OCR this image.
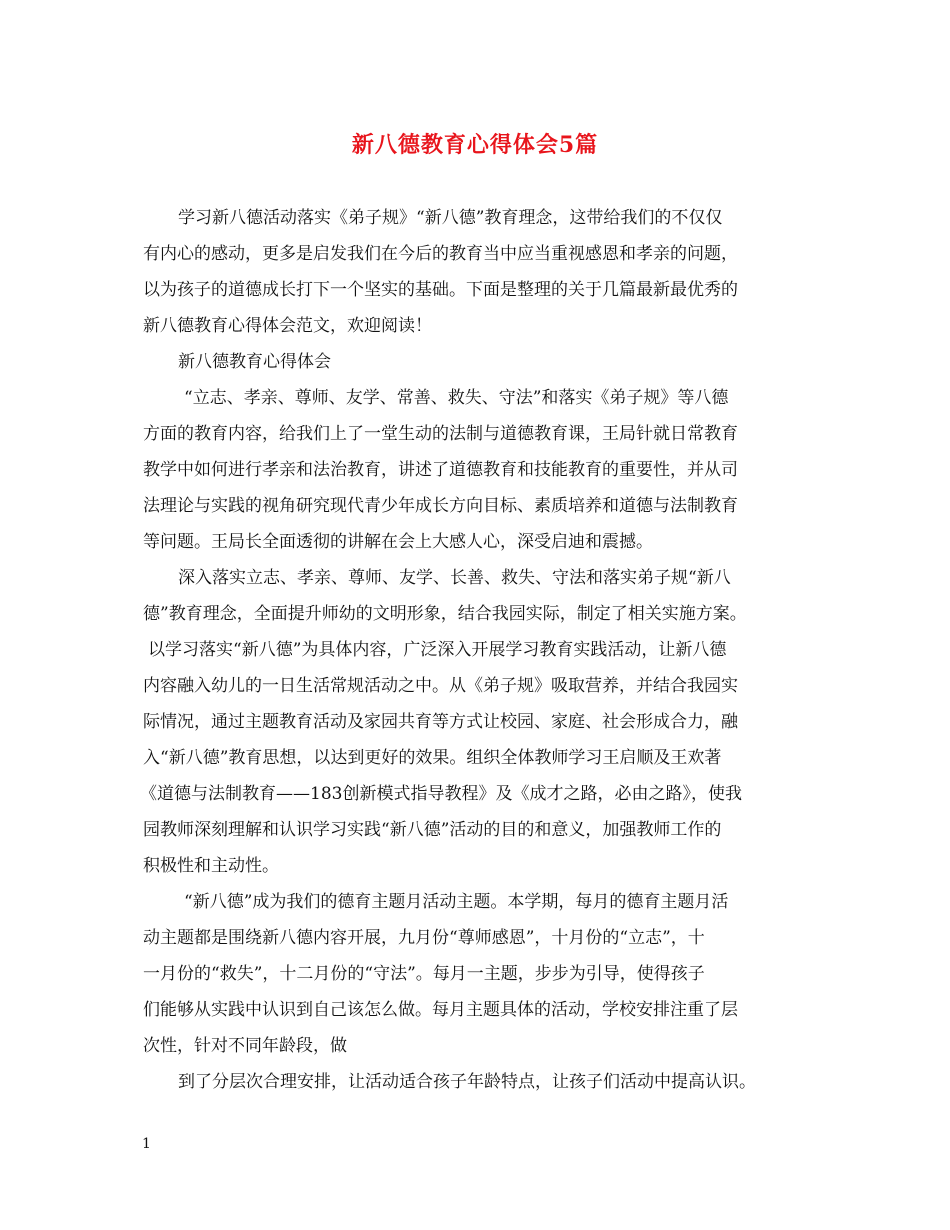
新八德教育心得体会5篇

学习新八德活动落实《弟子规》“新八德”教育理念，这带给我们的不仅仅

有内心的感动，更多是启发我们在今后的教育当中应当重视感恩和孝亲的问题，

以为孩子的道德成长打下一个坚实的基础。下面是整理的关于几篇最新最优秀的

新八德教育心得体会范文，欢迎阅读！

新八德教育心得体会

“立志、孝亲、尊师、友学、常善、救失、守法”和落实《弟子规》等八德

方面的教育内容，给我们上了一堂生动的法制与道德教育课，王局针就日常教育

教学中如何进行孝亲和法治教育，讲述了道德教育和技能教育的重要性，并从司

法理论与实践的视角研究现代青少年成长方向目标、素质培养和道德与法制教育

等问题。王局长全面透彻的讲解在会上大感人心，深受启迪和震撼。

深入落实立志、孝亲、尊师、友学、长善、救失、守法和落实弟子规“新八

德”教育理念，全面提升师幼的文明形象，结合我园实际，制定了相关实施方案。

以学习落实“新八德”为具体内容，广泛深入开展学习教育实践活动，让新八德

内容融入幼儿的一日生活常规活动之中。从《弟子规》吸取营养，并结合我园实

际情况，通过主题教育活动及家园共育等方式让校园、家庭、社会形成合力，融

入“新八德”教育思想，以达到更好的效果。组织全体教师学习王启顺及王欢著

《道德与法制教育——183创新模式指导教程》及《成才之路，必由之路》，使我

园教师深刻理解和认识学习实践“新八德”活动的目的和意义，加强教师工作的

积极性和主动性。

“新八德”成为我们的德育主题月活动主题。本学期，每月的德育主题月活

动主题都是围绕新八德内容开展，九月份“尊师感恩”，十月份的“立志”，十

一月份的“救失”，十二月份的“守法”。每月一主题，步步为引导，使得孩子

们能够从实践中认识到自己该怎么做。每月主题具体的活动，学校安排注重了层

次性，针对不同年龄段，做

到了分层次合理安排，让活动适合孩子年龄特点，让孩子们活动中提高认识。

1
